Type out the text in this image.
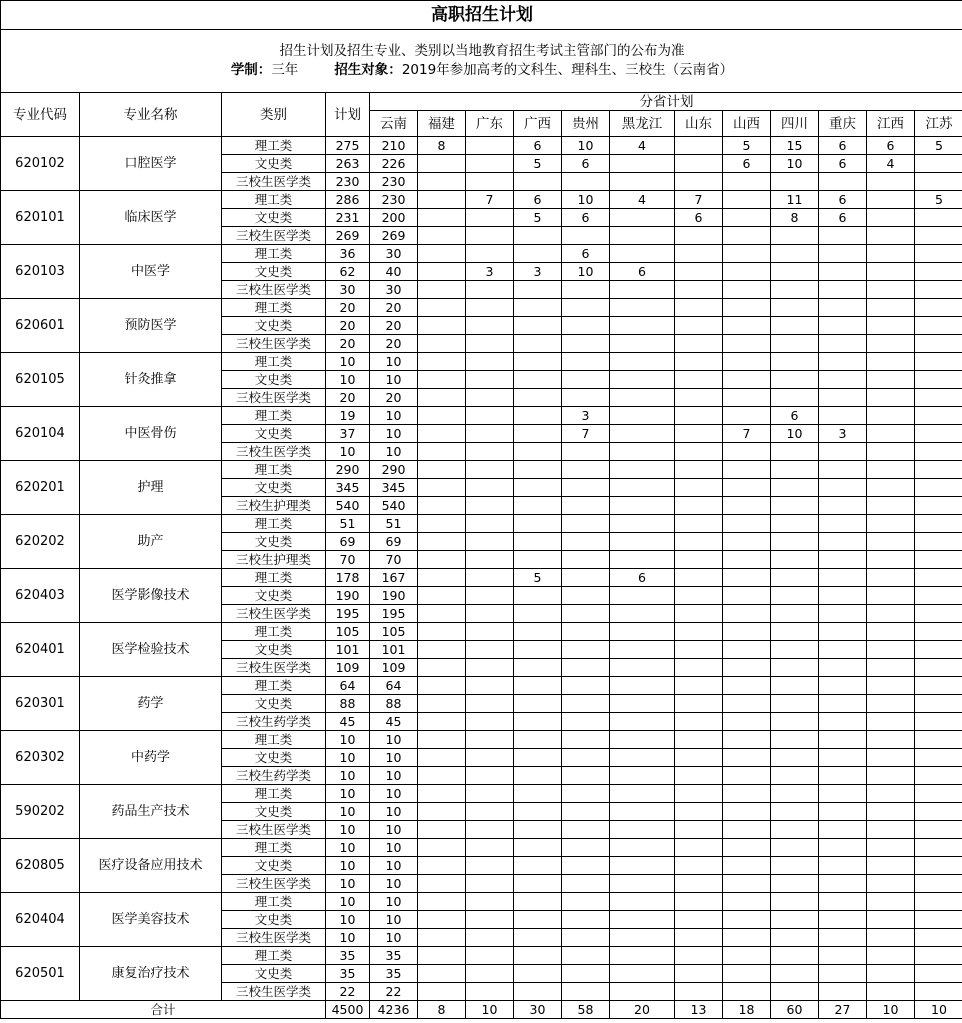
高职招生计划															

招生计划及招生专业、类别以当地教育招生考试主管部门的公布为准
学制：三年 招生对象：2019年参加高考的文科生、理科生、三校生（云南省）															

专业代码	专业名称	类别	计划	分省计划											
				云南	福建	广东	广西	贵州	黑龙江	山东	山西	四川	重庆	江西	江苏
620102	口腔医学	理工类	275	210	8		6	10	4		5	15	6	6	5
		文史类	263	226			5	6			6	10	6	4	
		三校生医学类	230	230											
620101	临床医学	理工类	286	230		7	6	10	4	7		11	6		5
		文史类	231	200			5	6		6		8	6		
		三校生医学类	269	269											
620103	中医学	理工类	36	30				6							
		文史类	62	40		3	3	10	6						
		三校生医学类	30	30											
620601	预防医学	理工类	20	20											
		文史类	20	20											
		三校生医学类	20	20											
620105	针灸推拿	理工类	10	10											
		文史类	10	10											
		三校生医学类	20	20											
620104	中医骨伤	理工类	19	10				3				6			
		文史类	37	10				7			7	10	3		
		三校生医学类	10	10											
620201	护理	理工类	290	290											
		文史类	345	345											
		三校生护理类	540	540											
620202	助产	理工类	51	51											
		文史类	69	69											
		三校生护理类	70	70											
620403	医学影像技术	理工类	178	167			5		6						
		文史类	190	190											
		三校生医学类	195	195											
620401	医学检验技术	理工类	105	105											
		文史类	101	101											
		三校生医学类	109	109											
620301	药学	理工类	64	64											
		文史类	88	88											
		三校生药学类	45	45											
620302	中药学	理工类	10	10											
		文史类	10	10											
		三校生药学类	10	10											
590202	药品生产技术	理工类	10	10											
		文史类	10	10											
		三校生医学类	10	10											
620805	医疗设备应用技术	理工类	10	10											
		文史类	10	10											
		三校生医学类	10	10											
620404	医学美容技术	理工类	10	10											
		文史类	10	10											
		三校生医学类	10	10											
620501	康复治疗技术	理工类	35	35											
		文史类	35	35											
		三校生医学类	22	22											
合计			4500	4236	8	10	30	58	20	13	18	60	27	10	10
